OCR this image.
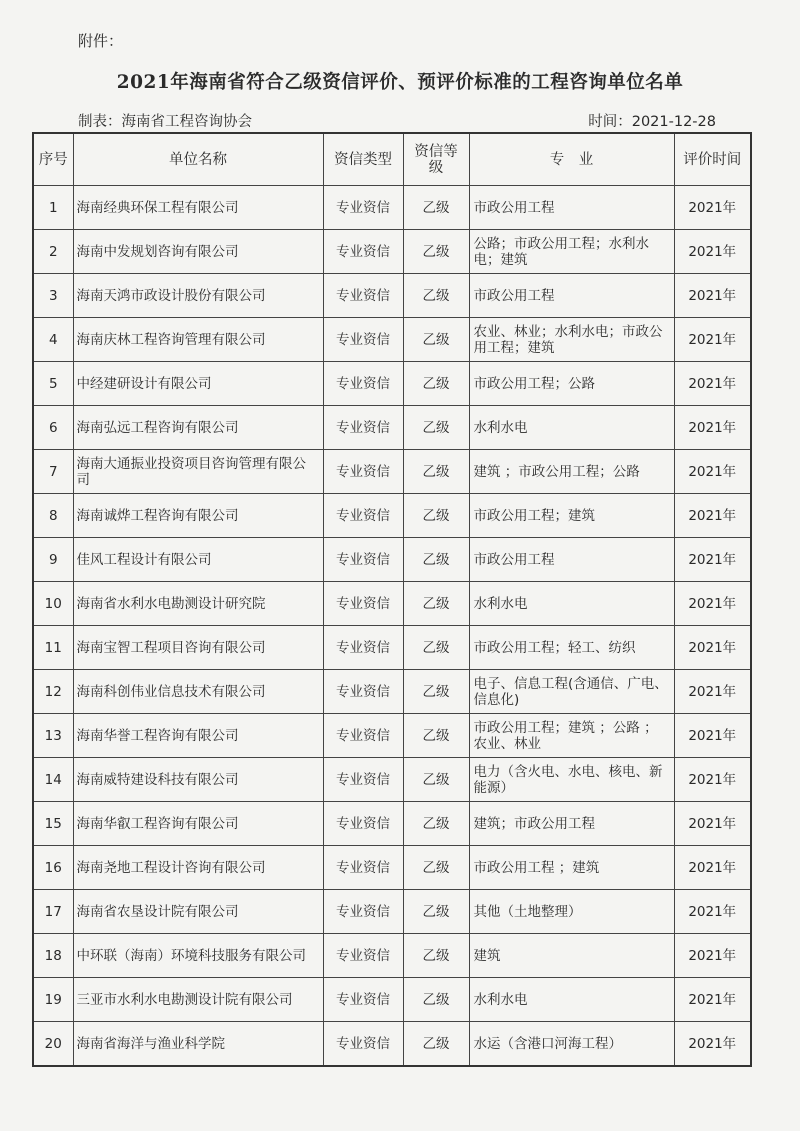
附件：
2021年海南省符合乙级资信评价、预评价标准的工程咨询单位名单
制表：海南省工程咨询协会	时间：2021-12-28
序号	单位名称	资信类型	资信等级	专　业	评价时间
1	海南经典环保工程有限公司	专业资信	乙级	市政公用工程	2021年
2	海南中发规划咨询有限公司	专业资信	乙级	公路；市政公用工程；水利水电；建筑	2021年
3	海南天鸿市政设计股份有限公司	专业资信	乙级	市政公用工程	2021年
4	海南庆林工程咨询管理有限公司	专业资信	乙级	农业、林业；水利水电；市政公用工程；建筑	2021年
5	中经建研设计有限公司	专业资信	乙级	市政公用工程；公路	2021年
6	海南弘远工程咨询有限公司	专业资信	乙级	水利水电	2021年
7	海南大通振业投资项目咨询管理有限公司	专业资信	乙级	建筑 ；市政公用工程；公路	2021年
8	海南诚烨工程咨询有限公司	专业资信	乙级	市政公用工程；建筑	2021年
9	佳风工程设计有限公司	专业资信	乙级	市政公用工程	2021年
10	海南省水利水电勘测设计研究院	专业资信	乙级	水利水电	2021年
11	海南宝智工程项目咨询有限公司	专业资信	乙级	市政公用工程；轻工、纺织	2021年
12	海南科创伟业信息技术有限公司	专业资信	乙级	电子、信息工程(含通信、广电、信息化)	2021年
13	海南华誉工程咨询有限公司	专业资信	乙级	市政公用工程；建筑 ；公路 ；农业、林业	2021年
14	海南威特建设科技有限公司	专业资信	乙级	电力（含火电、水电、核电、新能源）	2021年
15	海南华叡工程咨询有限公司	专业资信	乙级	建筑；市政公用工程	2021年
16	海南尧地工程设计咨询有限公司	专业资信	乙级	市政公用工程 ；建筑	2021年
17	海南省农垦设计院有限公司	专业资信	乙级	其他（土地整理）	2021年
18	中环联（海南）环境科技服务有限公司	专业资信	乙级	建筑	2021年
19	三亚市水利水电勘测设计院有限公司	专业资信	乙级	水利水电	2021年
20	海南省海洋与渔业科学院	专业资信	乙级	水运（含港口河海工程）	2021年
